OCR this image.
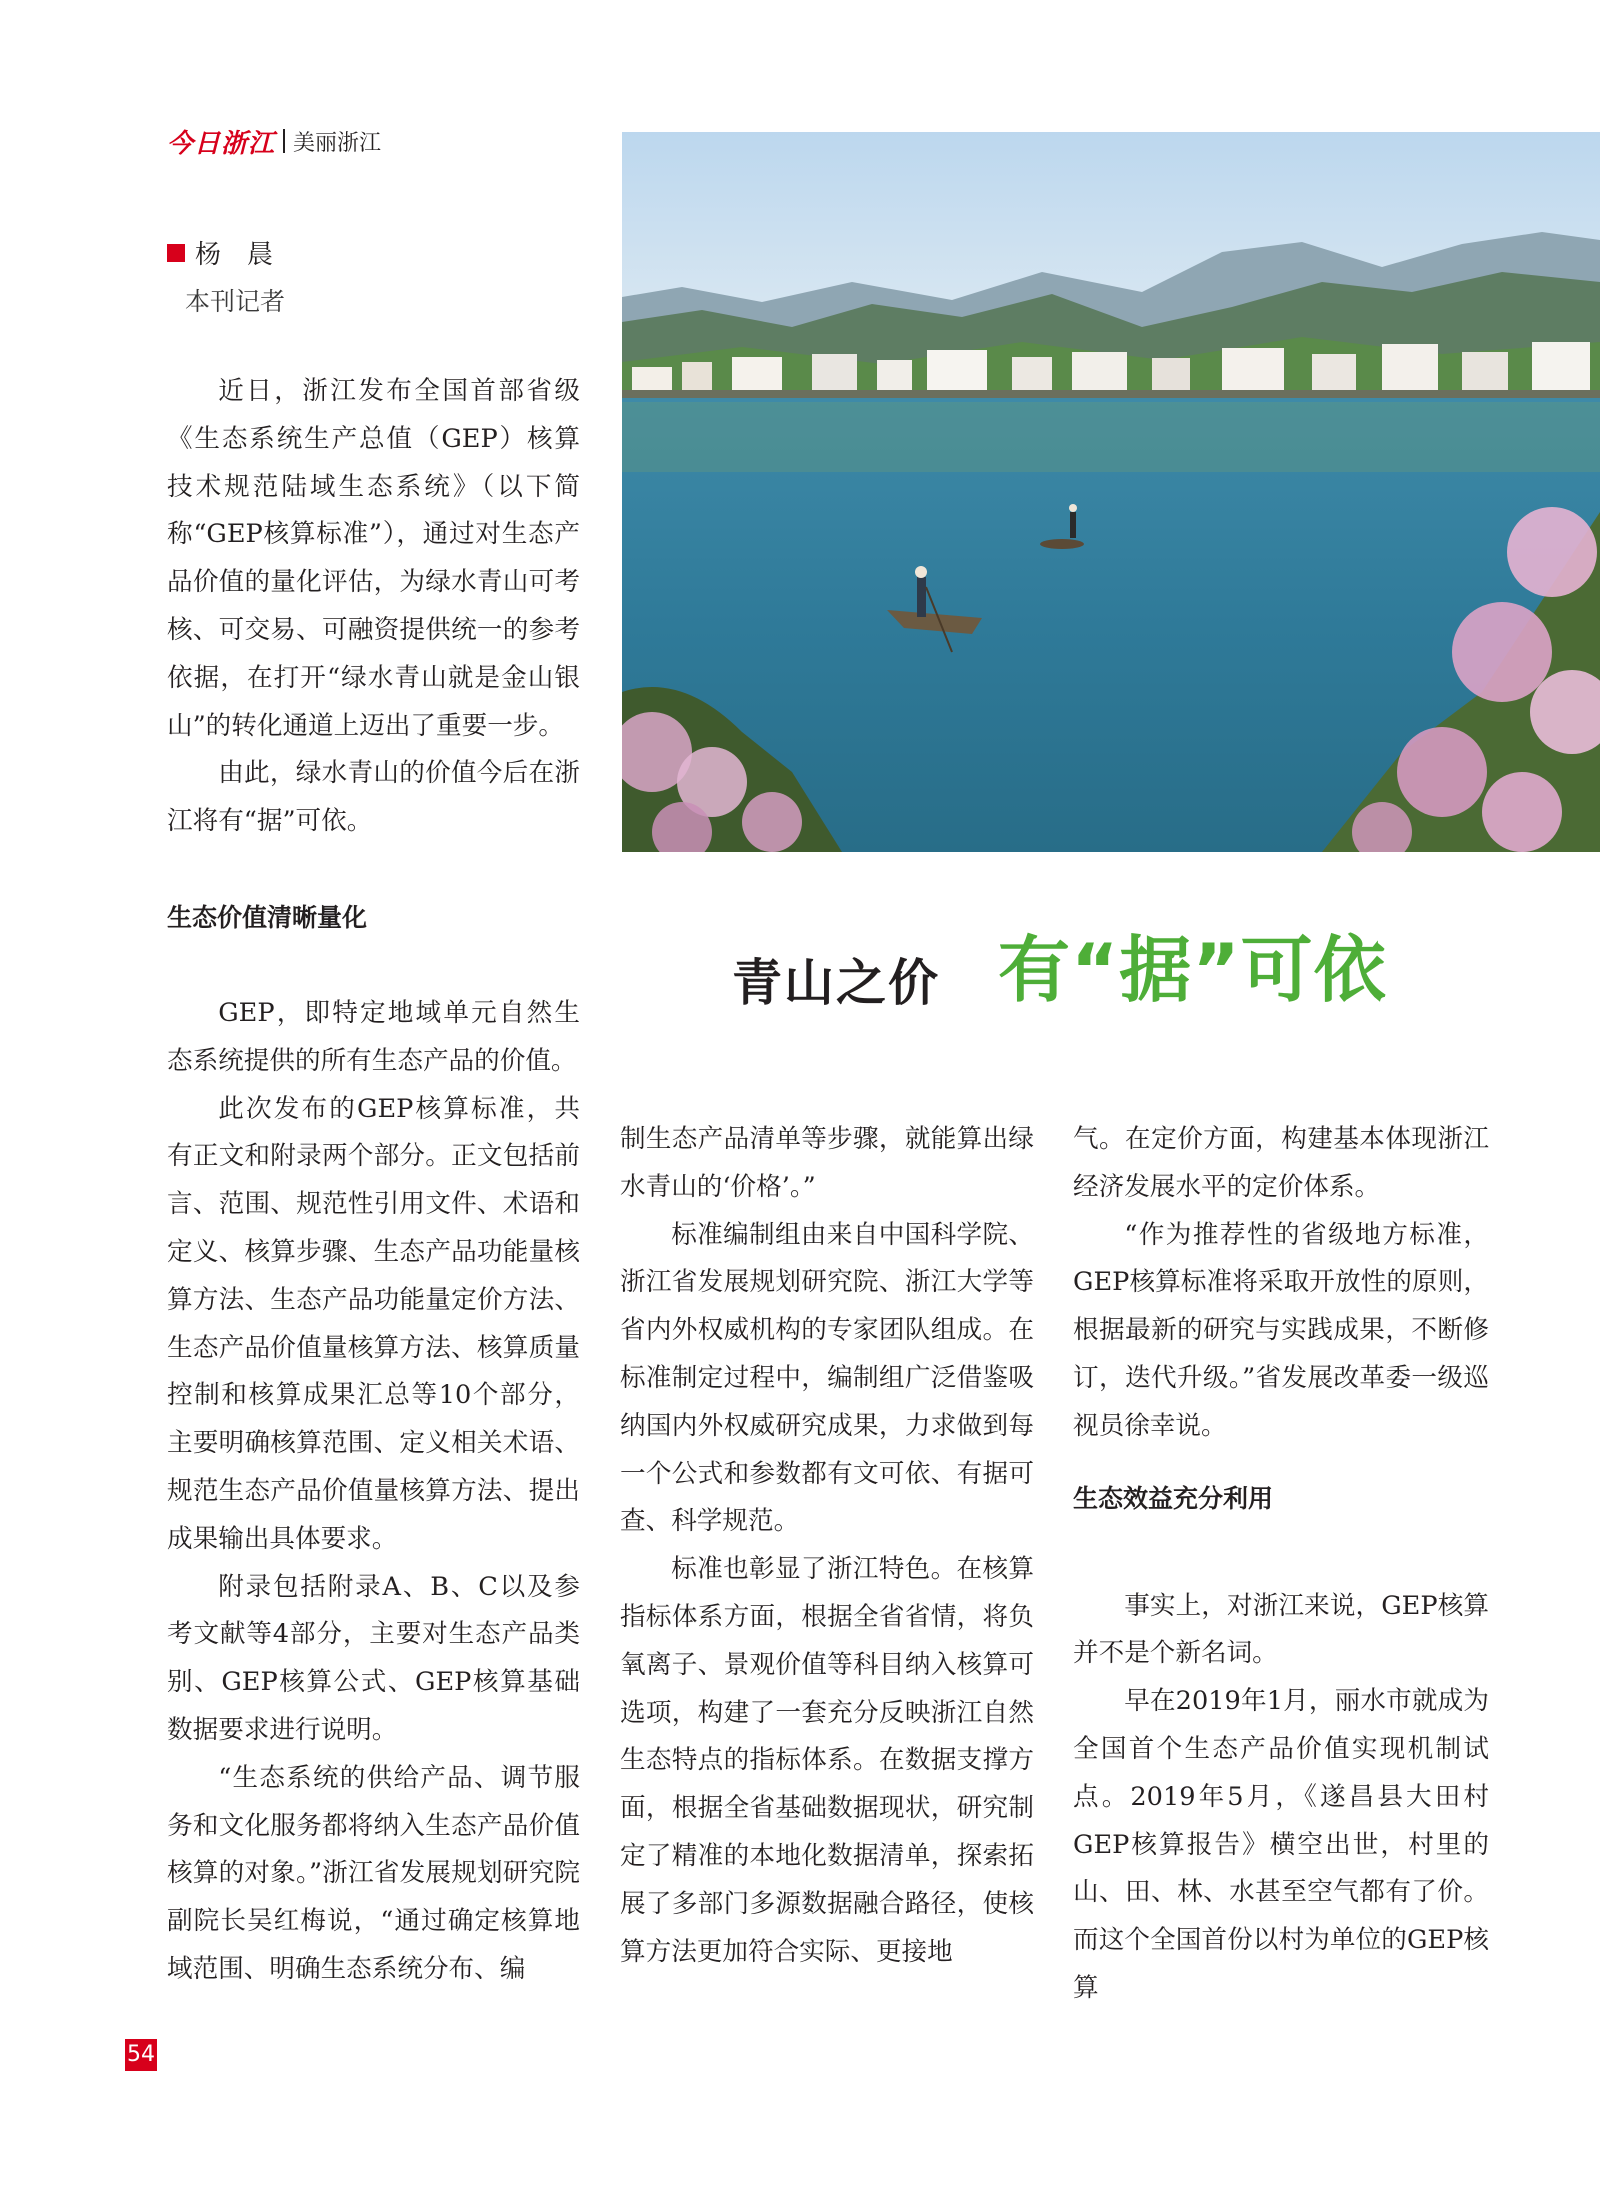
今日浙江 美丽浙江
杨　晨
本刊记者

近日，浙江发布全国首部省级《生态系统生产总值（GEP）核算技术规范陆域生态系统》（以下简称“GEP核算标准”），通过对生态产品价值的量化评估，为绿水青山可考核、可交易、可融资提供统一的参考依据，在打开“绿水青山就是金山银山”的转化通道上迈出了重要一步。

由此，绿水青山的价值今后在浙江将有“据”可依。

生态价值清晰量化

GEP，即特定地域单元自然生态系统提供的所有生态产品的价值。

此次发布的GEP核算标准，共有正文和附录两个部分。正文包括前言、范围、规范性引用文件、术语和定义、核算步骤、生态产品功能量核算方法、生态产品功能量定价方法、生态产品价值量核算方法、核算质量控制和核算成果汇总等10个部分，主要明确核算范围、定义相关术语、规范生态产品价值量核算方法、提出成果输出具体要求。

附录包括附录A、B、C以及参考文献等4部分，主要对生态产品类别、GEP核算公式、GEP核算基础数据要求进行说明。

“生态系统的供给产品、调节服务和文化服务都将纳入生态产品价值核算的对象。”浙江省发展规划研究院副院长吴红梅说，“通过确定核算地域范围、明确生态系统分布、编

青山之价 有“据”可依

制生态产品清单等步骤，就能算出绿水青山的‘价格’。”

标准编制组由来自中国科学院、浙江省发展规划研究院、浙江大学等省内外权威机构的专家团队组成。在标准制定过程中，编制组广泛借鉴吸纳国内外权威研究成果，力求做到每一个公式和参数都有文可依、有据可查、科学规范。

标准也彰显了浙江特色。在核算指标体系方面，根据全省省情，将负氧离子、景观价值等科目纳入核算可选项，构建了一套充分反映浙江自然生态特点的指标体系。在数据支撑方面，根据全省基础数据现状，研究制定了精准的本地化数据清单，探索拓展了多部门多源数据融合路径，使核算方法更加符合实际、更接地

气。在定价方面，构建基本体现浙江经济发展水平的定价体系。

“作为推荐性的省级地方标准，GEP核算标准将采取开放性的原则，根据最新的研究与实践成果，不断修订，迭代升级。”省发展改革委一级巡视员徐幸说。

生态效益充分利用

事实上，对浙江来说，GEP核算并不是个新名词。

早在2019年1月，丽水市就成为全国首个生态产品价值实现机制试点。2019年5月，《遂昌县大田村GEP核算报告》横空出世，村里的山、田、林、水甚至空气都有了价。而这个全国首份以村为单位的GEP核算

54
